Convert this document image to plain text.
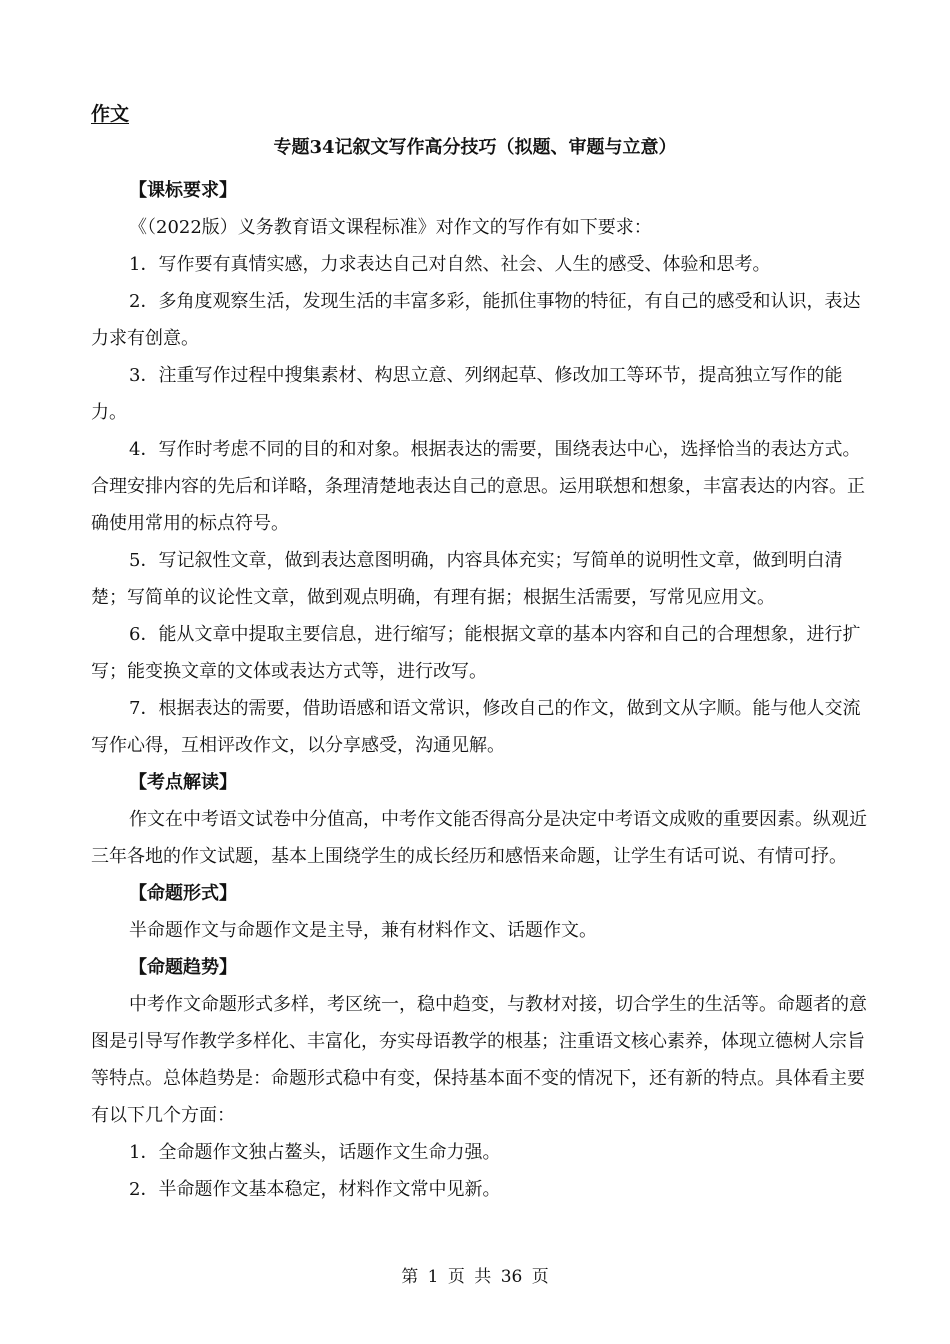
作文
专题34记叙文写作高分技巧（拟题、审题与立意）

【课标要求】

《（2022版）义务教育语文课程标准》对作文的写作有如下要求：

1．写作要有真情实感，力求表达自己对自然、社会、人生的感受、体验和思考。

2．多角度观察生活，发现生活的丰富多彩，能抓住事物的特征，有自己的感受和认识，表达力求有创意。

3．注重写作过程中搜集素材、构思立意、列纲起草、修改加工等环节，提高独立写作的能力。

4．写作时考虑不同的目的和对象。根据表达的需要，围绕表达中心，选择恰当的表达方式。合理安排内容的先后和详略，条理清楚地表达自己的意思。运用联想和想象，丰富表达的内容。正确使用常用的标点符号。

5．写记叙性文章，做到表达意图明确，内容具体充实；写简单的说明性文章，做到明白清楚；写简单的议论性文章，做到观点明确，有理有据；根据生活需要，写常见应用文。

6．能从文章中提取主要信息，进行缩写；能根据文章的基本内容和自己的合理想象，进行扩写；能变换文章的文体或表达方式等，进行改写。

7．根据表达的需要，借助语感和语文常识，修改自己的作文，做到文从字顺。能与他人交流写作心得，互相评改作文，以分享感受，沟通见解。

【考点解读】

作文在中考语文试卷中分值高，中考作文能否得高分是决定中考语文成败的重要因素。纵观近三年各地的作文试题，基本上围绕学生的成长经历和感悟来命题，让学生有话可说、有情可抒。

【命题形式】

半命题作文与命题作文是主导，兼有材料作文、话题作文。

【命题趋势】

中考作文命题形式多样，考区统一，稳中趋变，与教材对接，切合学生的生活等。命题者的意图是引导写作教学多样化、丰富化，夯实母语教学的根基；注重语文核心素养，体现立德树人宗旨等特点。总体趋势是：命题形式稳中有变，保持基本面不变的情况下，还有新的特点。具体看主要有以下几个方面：

1．全命题作文独占鳌头，话题作文生命力强。

2．半命题作文基本稳定，材料作文常中见新。

第 1 页 共 36 页
